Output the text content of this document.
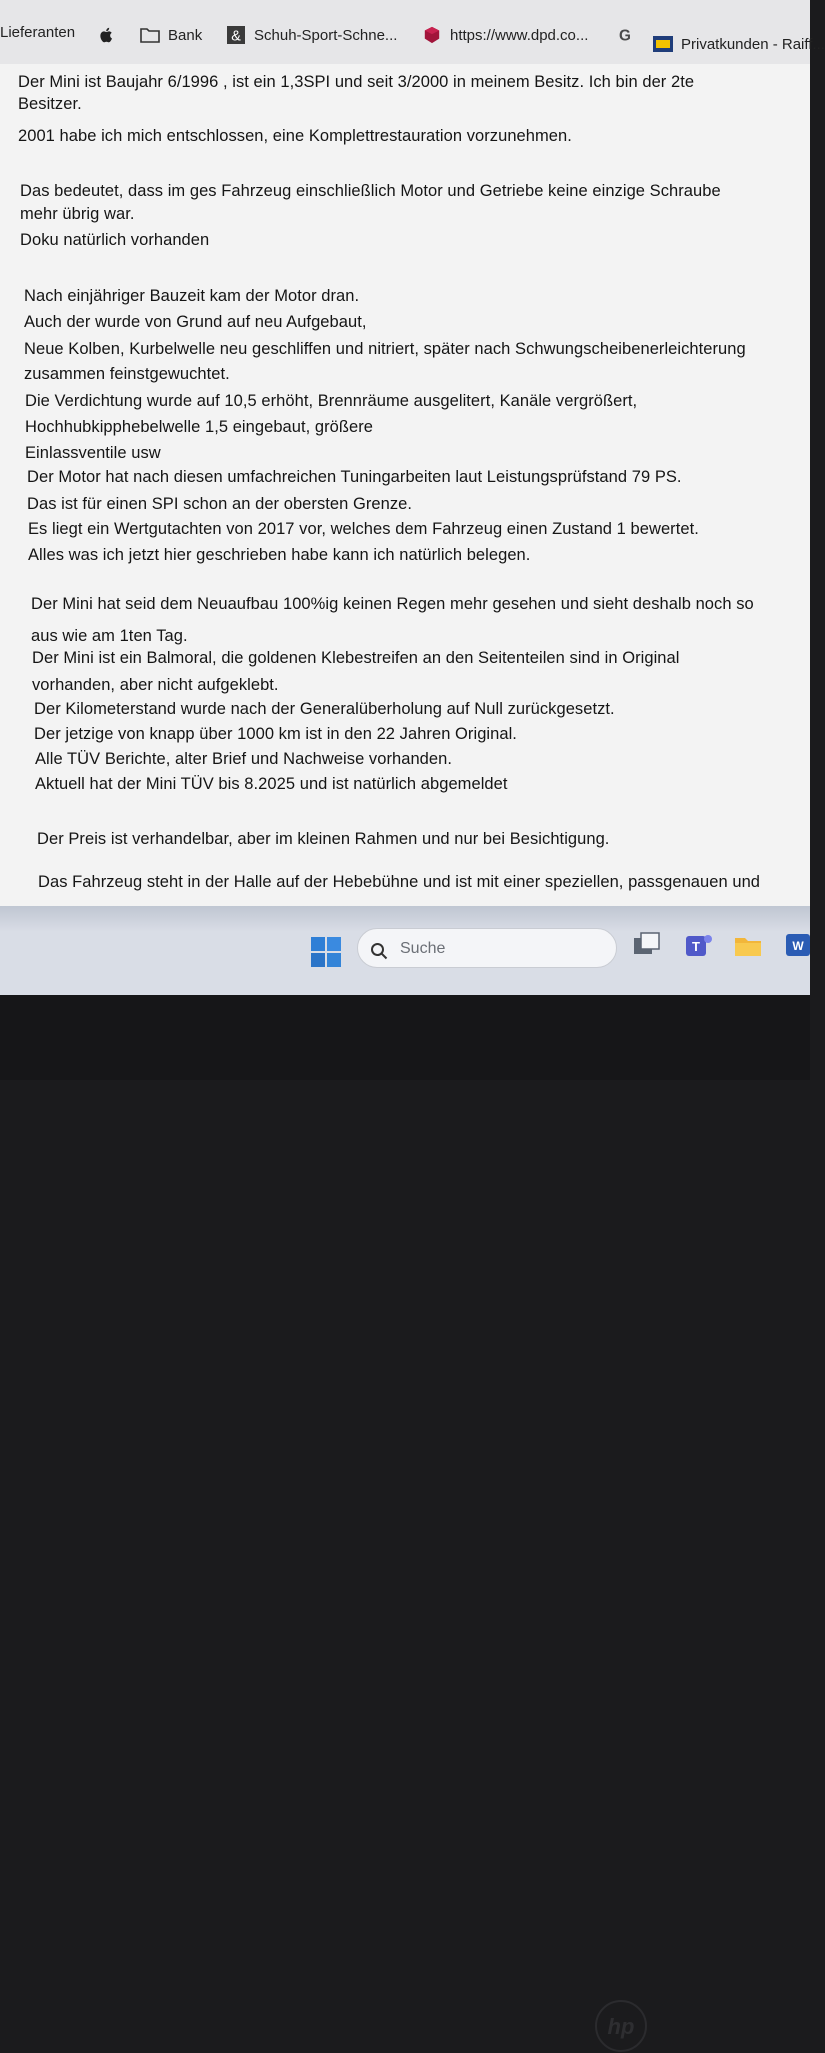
Lieferanten	Bank & Schuh-Sport-Schne...	https://www.dpd.co... G	Privatkunden - Raiff...
Der Mini ist Baujahr 6/1996 , ist ein 1,3SPI und seit 3/2000 in meinem Besitz. Ich bin der 2te
Besitzer.
2001 habe ich mich entschlossen, eine Komplettrestauration vorzunehmen.
Das bedeutet, dass im ges Fahrzeug einschließlich Motor und Getriebe keine einzige Schraube
mehr übrig war.
Doku natürlich vorhanden
Nach einjähriger Bauzeit kam der Motor dran.
Auch der wurde von Grund auf neu Aufgebaut,
Neue Kolben, Kurbelwelle neu geschliffen und nitriert, später nach Schwungscheibenerleichterung
zusammen feinstgewuchtet.
Die Verdichtung wurde auf 10,5 erhöht, Brennräume ausgelitert, Kanäle vergrößert,
Hochhubkipphebelwelle 1,5 eingebaut, größere
Einlassventile usw
Der Motor hat nach diesen umfachreichen Tuningarbeiten laut Leistungsprüfstand 79 PS.
Das ist für einen SPI schon an der obersten Grenze.
Es liegt ein Wertgutachten von 2017 vor, welches dem Fahrzeug einen Zustand 1 bewertet.
Alles was ich jetzt hier geschrieben habe kann ich natürlich belegen.
Der Mini hat seid dem Neuaufbau 100%ig keinen Regen mehr gesehen und sieht deshalb noch so
aus wie am 1ten Tag.
Der Mini ist ein Balmoral, die goldenen Klebestreifen an den Seitenteilen sind in Original
vorhanden, aber nicht aufgeklebt.
Der Kilometerstand wurde nach der Generalüberholung auf Null zurückgesetzt.
Der jetzige von knapp über 1000 km ist in den 22 Jahren Original.
Alle TÜV Berichte, alter Brief und Nachweise vorhanden.
Aktuell hat der Mini TÜV bis 8.2025 und ist natürlich abgemeldet
Der Preis ist verhandelbar, aber im kleinen Rahmen und nur bei Besichtigung.
Das Fahrzeug steht in der Halle auf der Hebebühne und ist mit einer speziellen, passgenauen und
Suche	T	W
hp
